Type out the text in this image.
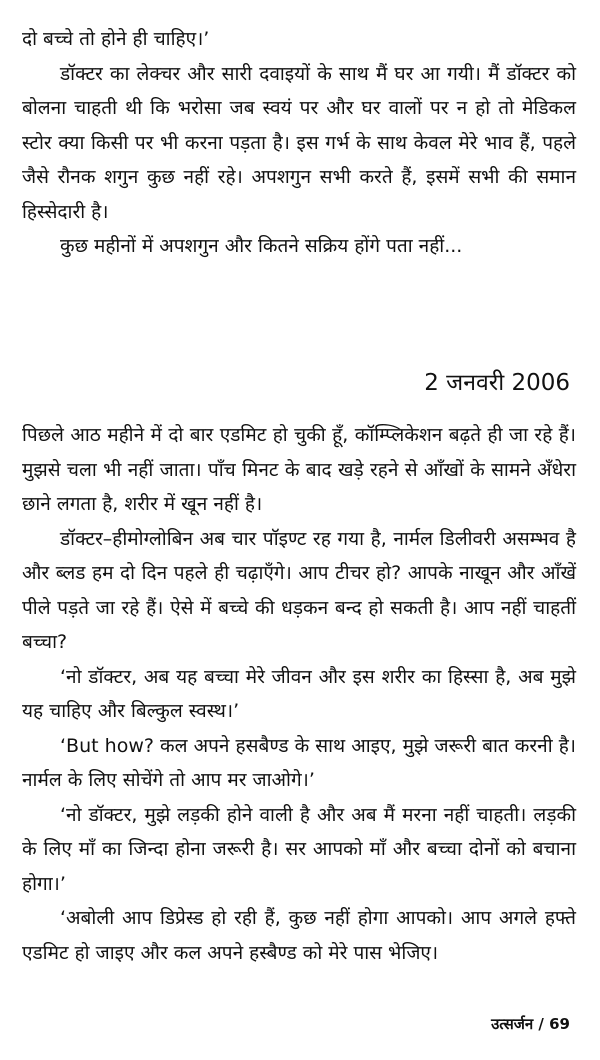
दो बच्चे तो होने ही चाहिए।’

डॉक्टर का लेक्चर और सारी दवाइयों के साथ मैं घर आ गयी। मैं डॉक्टर को बोलना चाहती थी कि भरोसा जब स्वयं पर और घर वालों पर न हो तो मेडिकल स्टोर क्या किसी पर भी करना पड़ता है। इस गर्भ के साथ केवल मेरे भाव हैं, पहले जैसे रौनक शगुन कुछ नहीं रहे। अपशगुन सभी करते हैं, इसमें सभी की समान हिस्सेदारी है।

कुछ महीनों में अपशगुन और कितने सक्रिय होंगे पता नहीं...

2 जनवरी 2006

पिछले आठ महीने में दो बार एडमिट हो चुकी हूँ, कॉम्प्लिकेशन बढ़ते ही जा रहे हैं। मुझसे चला भी नहीं जाता। पाँच मिनट के बाद खड़े रहने से आँखों के सामने अँधेरा छाने लगता है, शरीर में खून नहीं है।

डॉक्टर–हीमोग्लोबिन अब चार पॉइण्ट रह गया है, नार्मल डिलीवरी असम्भव है और ब्लड हम दो दिन पहले ही चढ़ाएँगे। आप टीचर हो? आपके नाखून और आँखें पीले पड़ते जा रहे हैं। ऐसे में बच्चे की धड़कन बन्द हो सकती है। आप नहीं चाहतीं बच्चा?

‘नो डॉक्टर, अब यह बच्चा मेरे जीवन और इस शरीर का हिस्सा है, अब मुझे यह चाहिए और बिल्कुल स्वस्थ।’

‘But how? कल अपने हसबैण्ड के साथ आइए, मुझे जरूरी बात करनी है। नार्मल के लिए सोचेंगे तो आप मर जाओगे।’

‘नो डॉक्टर, मुझे लड़की होने वाली है और अब मैं मरना नहीं चाहती। लड़की के लिए माँ का जिन्दा होना जरूरी है। सर आपको माँ और बच्चा दोनों को बचाना होगा।’

‘अबोली आप डिप्रेस्ड हो रही हैं, कुछ नहीं होगा आपको। आप अगले हफ्ते एडमिट हो जाइए और कल अपने हस्बैण्ड को मेरे पास भेजिए।

उत्सर्जन / 69
